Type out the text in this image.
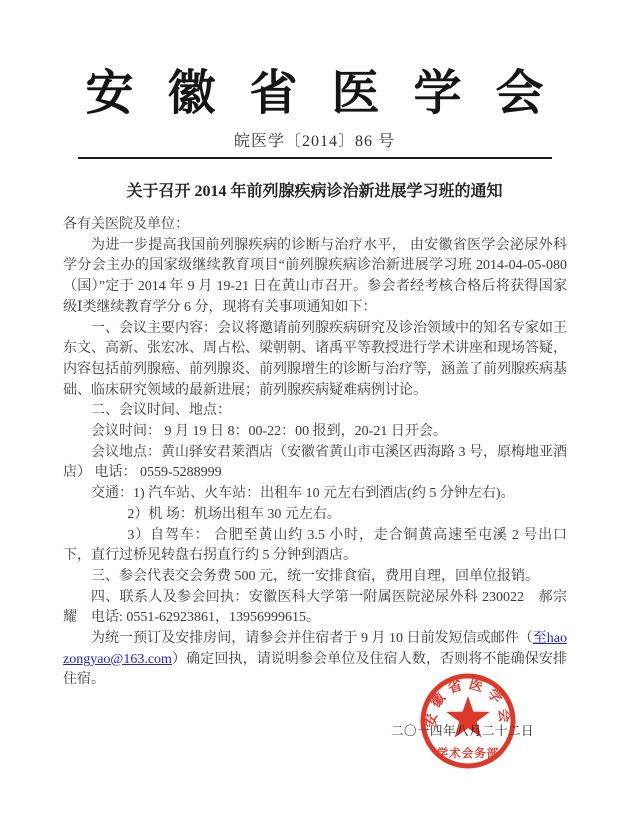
安徽省医学会
皖医学〔2014〕86 号
关于召开 2014 年前列腺疾病诊治新进展学习班的通知

各有关医院及单位：

为进一步提高我国前列腺疾病的诊断与治疗水平， 由安徽省医学会泌尿外科学分会主办的国家级继续教育项目“前列腺疾病诊治新进展学习班 2014-04-05-080（国）”定于 2014 年 9 月 19-21 日在黄山市召开。参会者经考核合格后将获得国家级Ⅰ类继续教育学分 6 分，现将有关事项通知如下：

一、会议主要内容：会议将邀请前列腺疾病研究及诊治领域中的知名专家如王东文、高新、张宏冰、周占松、梁朝朝、诸禹平等教授进行学术讲座和现场答疑，内容包括前列腺癌、前列腺炎、前列腺增生的诊断与治疗等，涵盖了前列腺疾病基础、临床研究领域的最新进展；前列腺疾病疑难病例讨论。

二、会议时间、地点：

会议时间： 9 月 19 日 8：00-22：00 报到，20-21 日开会。

会议地点：黄山驿安君莱酒店（安徽省黄山市屯溪区西海路 3 号，原梅地亚酒店） 电话： 0559-5288999

交通：1) 汽车站、火车站：出租车 10 元左右到酒店(约 5 分钟左右)。

2）机 场：机场出租车 30 元左右。

3）自驾车： 合肥至黄山约 3.5 小时，走合铜黄高速至屯溪 2 号出口下，直行过桥见转盘右拐直行约 5 分钟到酒店。

三、参会代表交会务费 500 元，统一安排食宿，费用自理，回单位报销。

四、联系人及参会回执：安徽医科大学第一附属医院泌尿外科 230022　郝宗耀　电话: 0551-62923861，13956999615。

为统一预订及安排房间，请参会并住宿者于 9 月 10 日前发短信或邮件（至haozongyao@163.com）确定回执，请说明参会单位及住宿人数，否则将不能确保安排住宿。

二〇一四年八月二十二日
安徽省医学会
学术会务部
